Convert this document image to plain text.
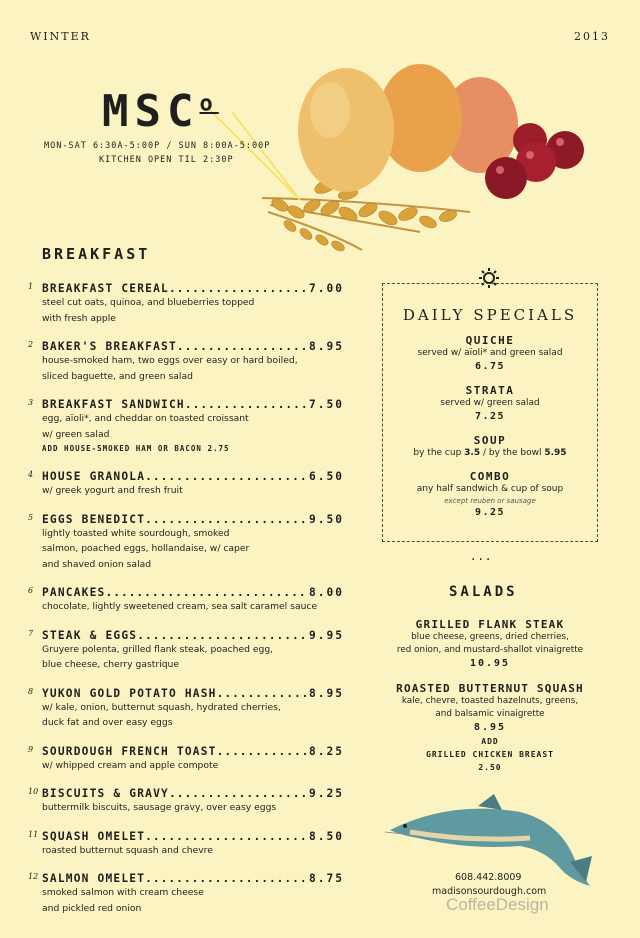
WINTER	2013
MSC$^o$
MON-SAT 6:30A-5:00P / SUN 8:00A-5:00P
KITCHEN OPEN TIL 2:30P
BREAKFAST
1 BREAKFAST CEREAL .....	7.00
steel cut oats, quinoa, and blueberries topped
with fresh apple
2 BAKER'S BREAKFAST .....	8.95
house-smoked ham, two eggs over easy or hard boiled,
sliced baguette, and green salad
3 BREAKFAST SANDWICH .....	7.50
egg, aïoli*, and cheddar on toasted croissant
w/ green salad
ADD HOUSE-SMOKED HAM OR BACON 2.75
4 HOUSE GRANOLA .....	6.50
w/ greek yogurt and fresh fruit
5 EGGS BENEDICT .....	9.50
lightly toasted white sourdough, smoked
salmon, poached eggs, hollandaise, w/ caper
and shaved onion salad
6 PANCAKES .....	8.00
chocolate, lightly sweetened cream, sea salt caramel sauce
7 STEAK & EGGS .....	9.95
Gruyere polenta, grilled flank steak, poached egg,
blue cheese, cherry gastrique
8 YUKON GOLD POTATO HASH .....	8.95
w/ kale, onion, butternut squash, hydrated cherries,
duck fat and over easy eggs
9 SOURDOUGH FRENCH TOAST .....	8.25
w/ whipped cream and apple compote
10 BISCUITS & GRAVY .....	9.25
buttermilk biscuits, sausage gravy, over easy eggs
11 SQUASH OMELET .....	8.50
roasted butternut squash and chevre
12 SALMON OMELET .....	8.75
smoked salmon with cream cheese
and pickled red onion
DAILY SPECIALS
QUICHE
served w/ aïoli* and green salad
6.75
STRATA
served w/ green salad
7.25
SOUP
by the cup 3.5 / by the bowl 5.95
COMBO
any half sandwich & cup of soup
except reuben or sausage
9.25
...
SALADS
GRILLED FLANK STEAK
blue cheese, greens, dried cherries,
red onion, and mustard-shallot vinaigrette
10.95
ROASTED BUTTERNUT SQUASH
kale, chevre, toasted hazelnuts, greens,
and balsamic vinaigrette
8.95
ADD
GRILLED CHICKEN BREAST
2.50
608.442.8009
madisonsourdough.com
CoffeeDesign
